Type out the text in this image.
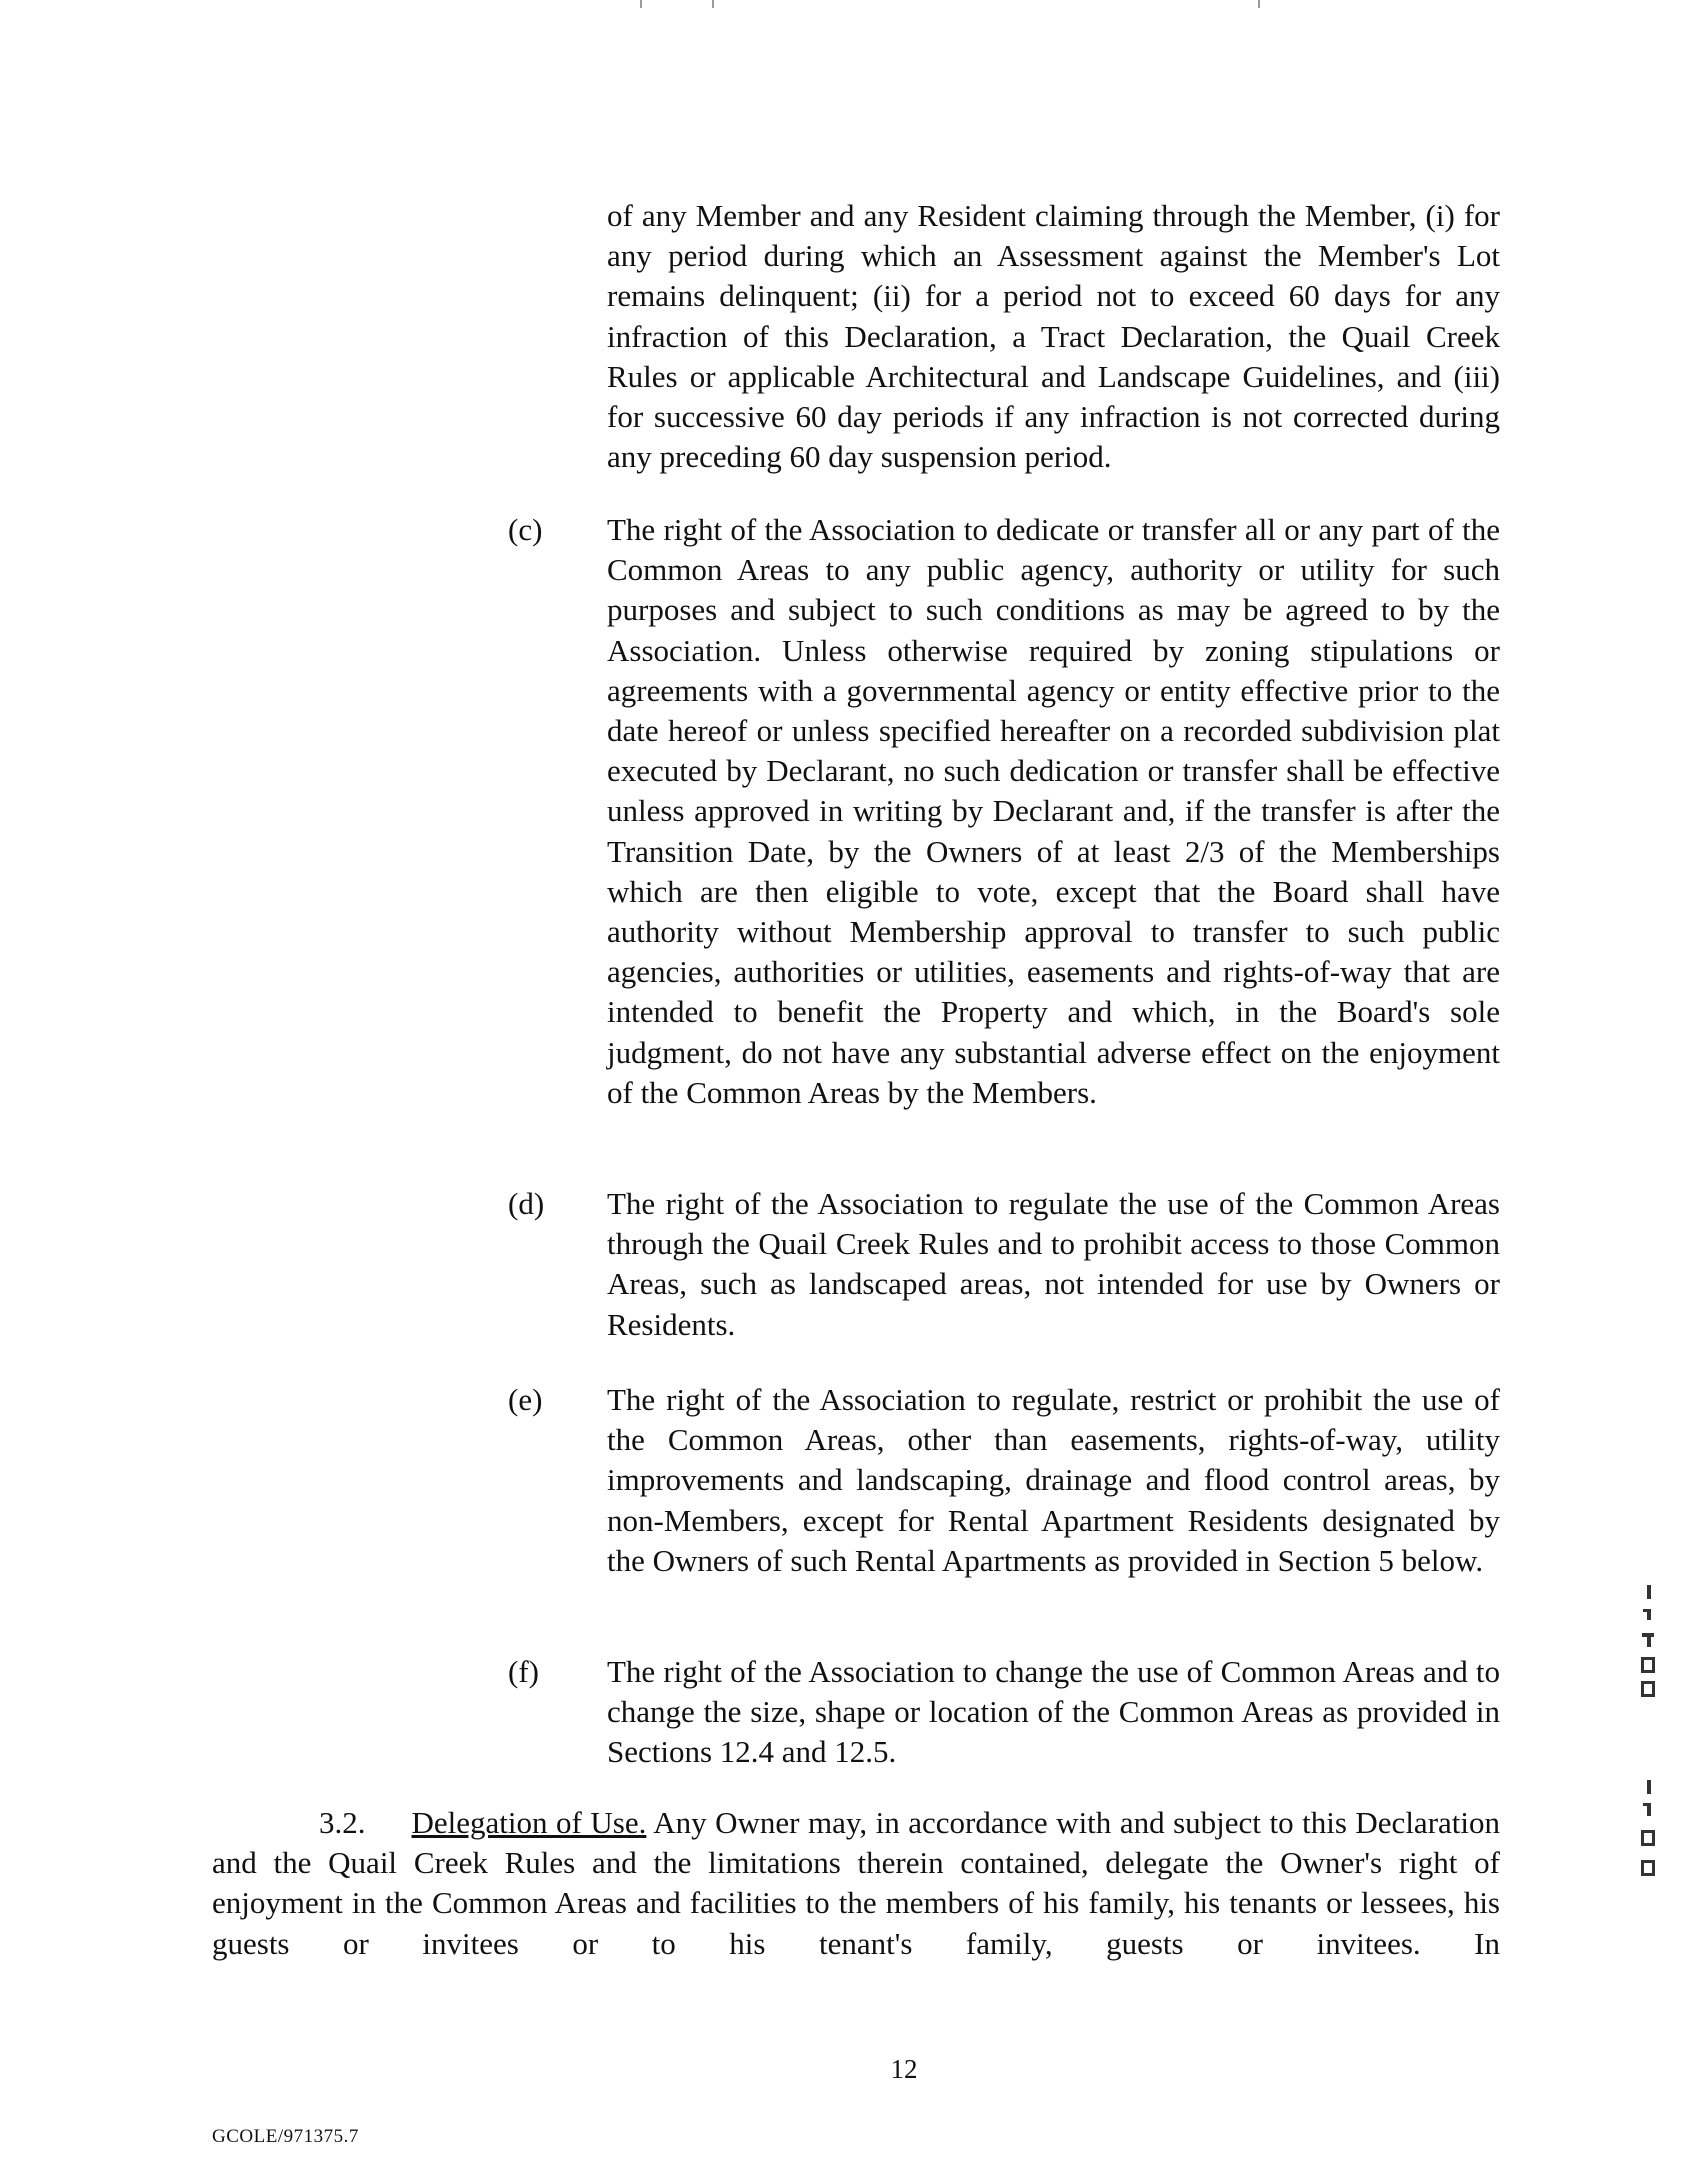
of any Member and any Resident claiming through the Member, (i) for any period during which an Assessment against the Member's Lot remains delinquent; (ii) for a period not to exceed 60 days for any infraction of this Declaration, a Tract Declaration, the Quail Creek Rules or applicable Architectural and Landscape Guidelines, and (iii) for successive 60 day periods if any infraction is not corrected during any preceding 60 day suspension period.

(c) The right of the Association to dedicate or transfer all or any part of the Common Areas to any public agency, authority or utility for such purposes and subject to such conditions as may be agreed to by the Association. Unless otherwise required by zoning stipulations or agreements with a governmental agency or entity effective prior to the date hereof or unless specified hereafter on a recorded subdivision plat executed by Declarant, no such dedication or transfer shall be effective unless approved in writing by Declarant and, if the transfer is after the Transition Date, by the Owners of at least 2/3 of the Memberships which are then eligible to vote, except that the Board shall have authority without Membership approval to transfer to such public agencies, authorities or utilities, easements and rights-of-way that are intended to benefit the Property and which, in the Board's sole judgment, do not have any substantial adverse effect on the enjoyment of the Common Areas by the Members.

(d) The right of the Association to regulate the use of the Common Areas through the Quail Creek Rules and to prohibit access to those Common Areas, such as landscaped areas, not intended for use by Owners or Residents.

(e) The right of the Association to regulate, restrict or prohibit the use of the Common Areas, other than easements, rights-of-way, utility improvements and landscaping, drainage and flood control areas, by non-Members, except for Rental Apartment Residents designated by the Owners of such Rental Apartments as provided in Section 5 below.

(f) The right of the Association to change the use of Common Areas and to change the size, shape or location of the Common Areas as provided in Sections 12.4 and 12.5.

3.2. Delegation of Use. Any Owner may, in accordance with and subject to this Declaration and the Quail Creek Rules and the limitations therein contained, delegate the Owner's right of enjoyment in the Common Areas and facilities to the members of his family, his tenants or lessees, his guests or invitees or to his tenant's family, guests or invitees. In

12

GCOLE/971375.7
